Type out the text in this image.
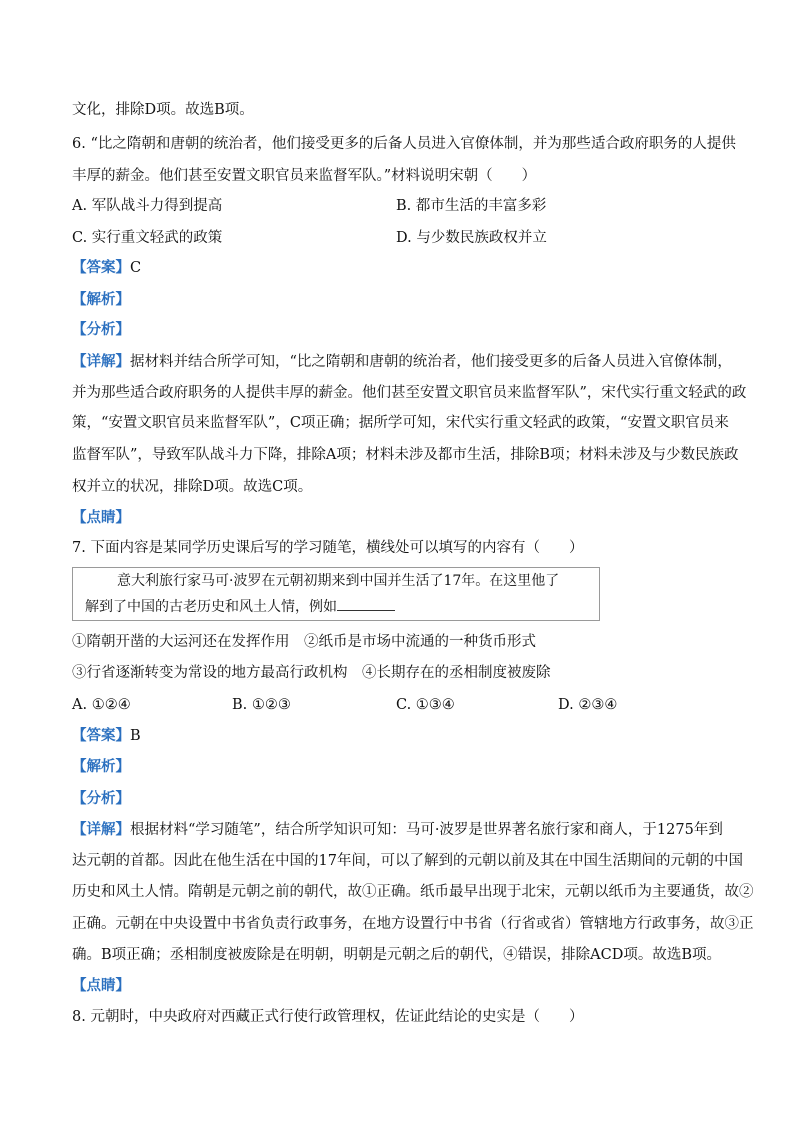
文化，排除D项。故选B项。
6. “比之隋朝和唐朝的统治者，他们接受更多的后备人员进入官僚体制，并为那些适合政府职务的人提供
丰厚的薪金。他们甚至安置文职官员来监督军队。”材料说明宋朝（　　）
A. 军队战斗力得到提高	B. 都市生活的丰富多彩
C. 实行重文轻武的政策	D. 与少数民族政权并立
【答案】C
【解析】
【分析】
【详解】据材料并结合所学可知，“比之隋朝和唐朝的统治者，他们接受更多的后备人员进入官僚体制，
并为那些适合政府职务的人提供丰厚的薪金。他们甚至安置文职官员来监督军队”，宋代实行重文轻武的政
策，“安置文职官员来监督军队”，C项正确；据所学可知，宋代实行重文轻武的政策，“安置文职官员来
监督军队”，导致军队战斗力下降，排除A项；材料未涉及都市生活，排除B项；材料未涉及与少数民族政
权并立的状况，排除D项。故选C项。
【点睛】
7. 下面内容是某同学历史课后写的学习随笔，横线处可以填写的内容有（　　）
意大利旅行家马可·波罗在元朝初期来到中国并生活了17年。在这里他了
解到了中国的古老历史和风土人情，例如
①隋朝开凿的大运河还在发挥作用　②纸币是市场中流通的一种货币形式
③行省逐渐转变为常设的地方最高行政机构　④长期存在的丞相制度被废除
A. ①②④	B. ①②③	C. ①③④	D. ②③④
【答案】B
【解析】
【分析】
【详解】根据材料“学习随笔”，结合所学知识可知：马可·波罗是世界著名旅行家和商人，于1275年到
达元朝的首都。因此在他生活在中国的17年间，可以了解到的元朝以前及其在中国生活期间的元朝的中国
历史和风土人情。隋朝是元朝之前的朝代，故①正确。纸币最早出现于北宋，元朝以纸币为主要通货，故②
正确。元朝在中央设置中书省负责行政事务，在地方设置行中书省（行省或省）管辖地方行政事务，故③正
确。B项正确；丞相制度被废除是在明朝，明朝是元朝之后的朝代，④错误，排除ACD项。故选B项。
【点睛】
8. 元朝时，中央政府对西藏正式行使行政管理权，佐证此结论的史实是（　　）
